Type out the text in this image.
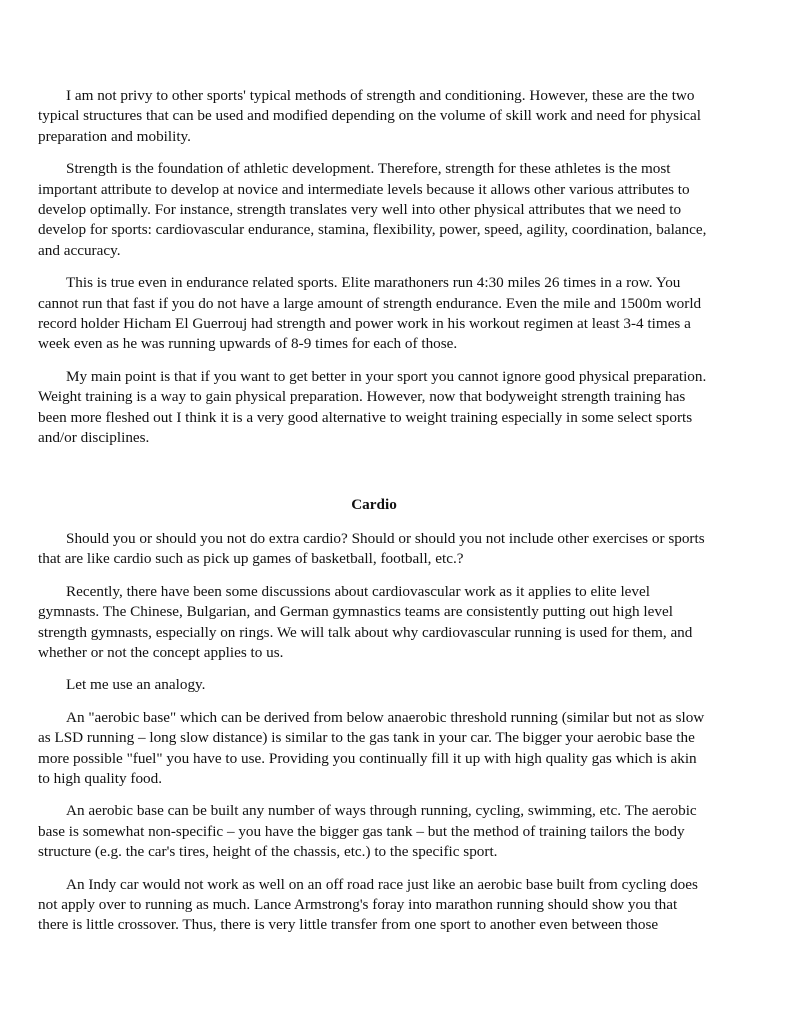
I am not privy to other sports' typical methods of strength and conditioning. However, these are the two typical structures that can be used and modified depending on the volume of skill work and need for physical preparation and mobility.

Strength is the foundation of athletic development. Therefore, strength for these athletes is the most important attribute to develop at novice and intermediate levels because it allows other various attributes to develop optimally. For instance, strength translates very well into other physical attributes that we need to develop for sports: cardiovascular endurance, stamina, flexibility, power, speed, agility, coordination, balance, and accuracy.

This is true even in endurance related sports. Elite marathoners run 4:30 miles 26 times in a row. You cannot run that fast if you do not have a large amount of strength endurance. Even the mile and 1500m world record holder Hicham El Guerrouj had strength and power work in his workout regimen at least 3-4 times a week even as he was running upwards of 8-9 times for each of those.

My main point is that if you want to get better in your sport you cannot ignore good physical preparation. Weight training is a way to gain physical preparation. However, now that bodyweight strength training has been more fleshed out I think it is a very good alternative to weight training especially in some select sports and/or disciplines.

Cardio

Should you or should you not do extra cardio? Should or should you not include other exercises or sports that are like cardio such as pick up games of basketball, football, etc.?

Recently, there have been some discussions about cardiovascular work as it applies to elite level gymnasts. The Chinese, Bulgarian, and German gymnastics teams are consistently putting out high level strength gymnasts, especially on rings. We will talk about why cardiovascular running is used for them, and whether or not the concept applies to us.

Let me use an analogy.

An "aerobic base" which can be derived from below anaerobic threshold running (similar but not as slow as LSD running – long slow distance) is similar to the gas tank in your car. The bigger your aerobic base the more possible "fuel" you have to use. Providing you continually fill it up with high quality gas which is akin to high quality food.

An aerobic base can be built any number of ways through running, cycling, swimming, etc. The aerobic base is somewhat non-specific – you have the bigger gas tank – but the method of training tailors the body structure (e.g. the car's tires, height of the chassis, etc.) to the specific sport.

An Indy car would not work as well on an off road race just like an aerobic base built from cycling does not apply over to running as much. Lance Armstrong's foray into marathon running should show you that there is little crossover. Thus, there is very little transfer from one sport to another even between those
